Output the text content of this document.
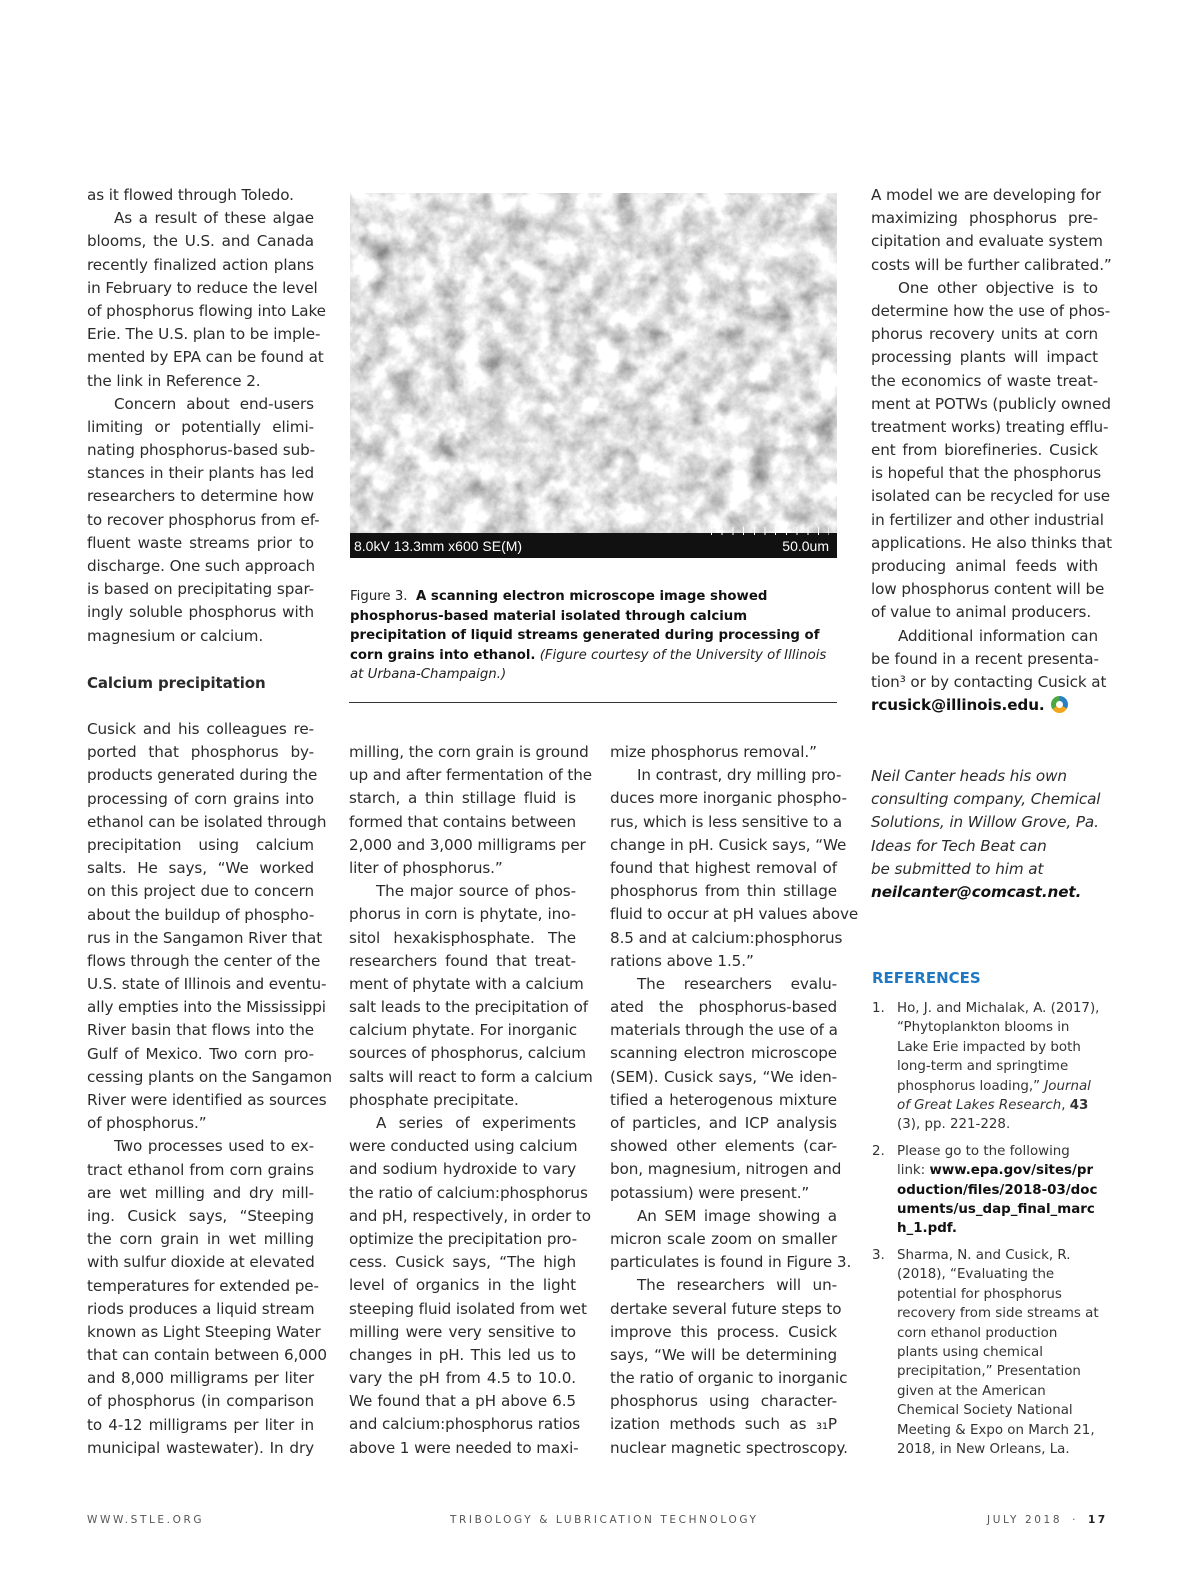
as it flowed through Toledo.
As a result of these algae
blooms, the U.S. and Canada
recently finalized action plans
in February to reduce the level
of phosphorus flowing into Lake
Erie. The U.S. plan to be imple-
mented by EPA can be found at
the link in Reference 2.
Concern about end-users
limiting or potentially elimi-
nating phosphorus-based sub-
stances in their plants has led
researchers to determine how
to recover phosphorus from ef-
fluent waste streams prior to
discharge. One such approach
is based on precipitating spar-
ingly soluble phosphorus with
magnesium or calcium.
Calcium precipitation
Cusick and his colleagues re-
ported that phosphorus by-
products generated during the
processing of corn grains into
ethanol can be isolated through
precipitation using calcium
salts. He says, “We worked
on this project due to concern
about the buildup of phospho-
rus in the Sangamon River that
flows through the center of the
U.S. state of Illinois and eventu-
ally empties into the Mississippi
River basin that flows into the
Gulf of Mexico. Two corn pro-
cessing plants on the Sangamon
River were identified as sources
of phosphorus.”
Two processes used to ex-
tract ethanol from corn grains
are wet milling and dry mill-
ing. Cusick says, “Steeping
the corn grain in wet milling
with sulfur dioxide at elevated
temperatures for extended pe-
riods produces a liquid stream
known as Light Steeping Water
that can contain between 6,000
and 8,000 milligrams per liter
of phosphorus (in comparison
to 4-12 milligrams per liter in
municipal wastewater). In dry
8.0kV 13.3mm x600 SE(M)	50.0um
Figure 3. A scanning electron microscope image showed phosphorus-based material isolated through calcium precipitation of liquid streams generated during processing of corn grains into ethanol. (Figure courtesy of the University of Illinois at Urbana-Champaign.)
milling, the corn grain is ground
up and after fermentation of the
starch, a thin stillage fluid is
formed that contains between
2,000 and 3,000 milligrams per
liter of phosphorus.”
The major source of phos-
phorus in corn is phytate, ino-
sitol hexakisphosphate. The
researchers found that treat-
ment of phytate with a calcium
salt leads to the precipitation of
calcium phytate. For inorganic
sources of phosphorus, calcium
salts will react to form a calcium
phosphate precipitate.
A series of experiments
were conducted using calcium
and sodium hydroxide to vary
the ratio of calcium:phosphorus
and pH, respectively, in order to
optimize the precipitation pro-
cess. Cusick says, “The high
level of organics in the light
steeping fluid isolated from wet
milling were very sensitive to
changes in pH. This led us to
vary the pH from 4.5 to 10.0.
We found that a pH above 6.5
and calcium:phosphorus ratios
above 1 were needed to maxi-
mize phosphorus removal.”
In contrast, dry milling pro-
duces more inorganic phospho-
rus, which is less sensitive to a
change in pH. Cusick says, “We
found that highest removal of
phosphorus from thin stillage
fluid to occur at pH values above
8.5 and at calcium:phosphorus
rations above 1.5.”
The researchers evalu-
ated the phosphorus-based
materials through the use of a
scanning electron microscope
(SEM). Cusick says, “We iden-
tified a heterogenous mixture
of particles, and ICP analysis
showed other elements (car-
bon, magnesium, nitrogen and
potassium) were present.”
An SEM image showing a
micron scale zoom on smaller
particulates is found in Figure 3.
The researchers will un-
dertake several future steps to
improve this process. Cusick
says, “We will be determining
the ratio of organic to inorganic
phosphorus using character-
ization methods such as ₃₁P
nuclear magnetic spectroscopy.
A model we are developing for
maximizing phosphorus pre-
cipitation and evaluate system
costs will be further calibrated.”
One other objective is to
determine how the use of phos-
phorus recovery units at corn
processing plants will impact
the economics of waste treat-
ment at POTWs (publicly owned
treatment works) treating efflu-
ent from biorefineries. Cusick
is hopeful that the phosphorus
isolated can be recycled for use
in fertilizer and other industrial
applications. He also thinks that
producing animal feeds with
low phosphorus content will be
of value to animal producers.
Additional information can
be found in a recent presenta-
tion³ or by contacting Cusick at
rcusick@illinois.edu.
Neil Canter heads his own
consulting company, Chemical
Solutions, in Willow Grove, Pa.
Ideas for Tech Beat can
be submitted to him at
neilcanter@comcast.net.
REFERENCES
1. Ho, J. and Michalak, A. (2017), “Phytoplankton blooms in Lake Erie impacted by both long-term and springtime phosphorus loading,” Journal of Great Lakes Research, 43 (3), pp. 221-228.
2. Please go to the following link: www.epa.gov/sites/production/files/2018-03/documents/us_dap_final_march_1.pdf.
3. Sharma, N. and Cusick, R. (2018), “Evaluating the potential for phosphorus recovery from side streams at corn ethanol production plants using chemical precipitation,” Presentation given at the American Chemical Society National Meeting & Expo on March 21, 2018, in New Orleans, La.
WWW.STLE.ORG	TRIBOLOGY & LUBRICATION TECHNOLOGY	JULY 2018 · 17
